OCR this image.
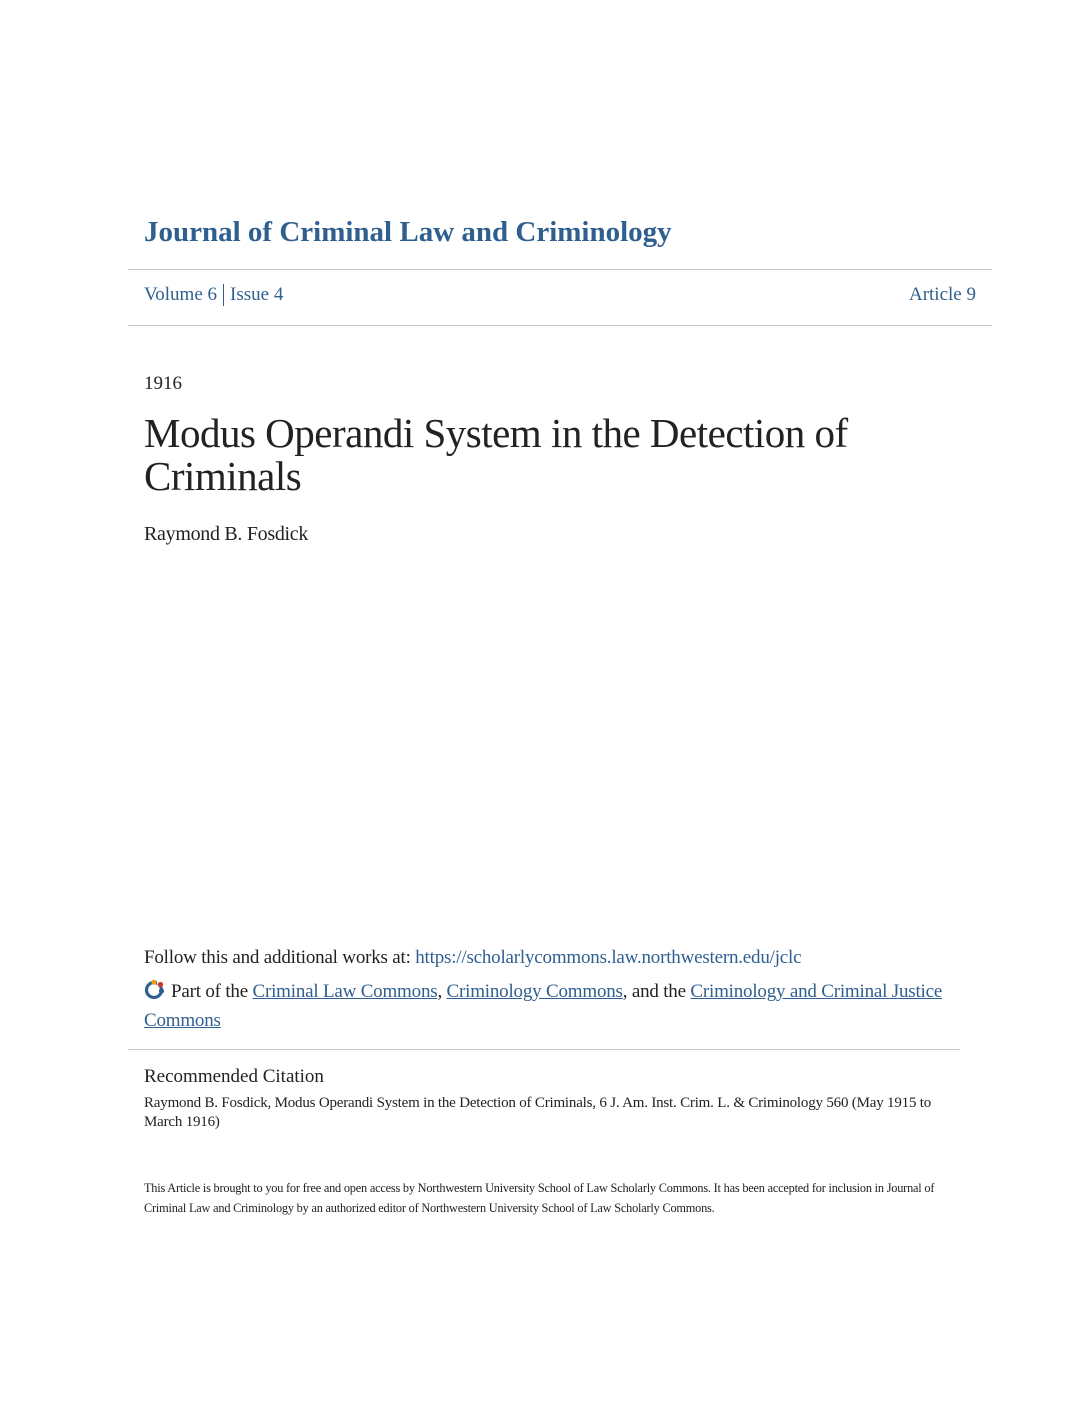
Journal of Criminal Law and Criminology
Volume 6 Issue 4	Article 9
1916
Modus Operandi System in the Detection of Criminals
Raymond B. Fosdick
Follow this and additional works at: https://scholarlycommons.law.northwestern.edu/jclc
Part of the Criminal Law Commons, Criminology Commons, and the Criminology and Criminal Justice Commons
Recommended Citation
Raymond B. Fosdick, Modus Operandi System in the Detection of Criminals, 6 J. Am. Inst. Crim. L. & Criminology 560 (May 1915 to March 1916)
This Article is brought to you for free and open access by Northwestern University School of Law Scholarly Commons. It has been accepted for inclusion in Journal of Criminal Law and Criminology by an authorized editor of Northwestern University School of Law Scholarly Commons.
